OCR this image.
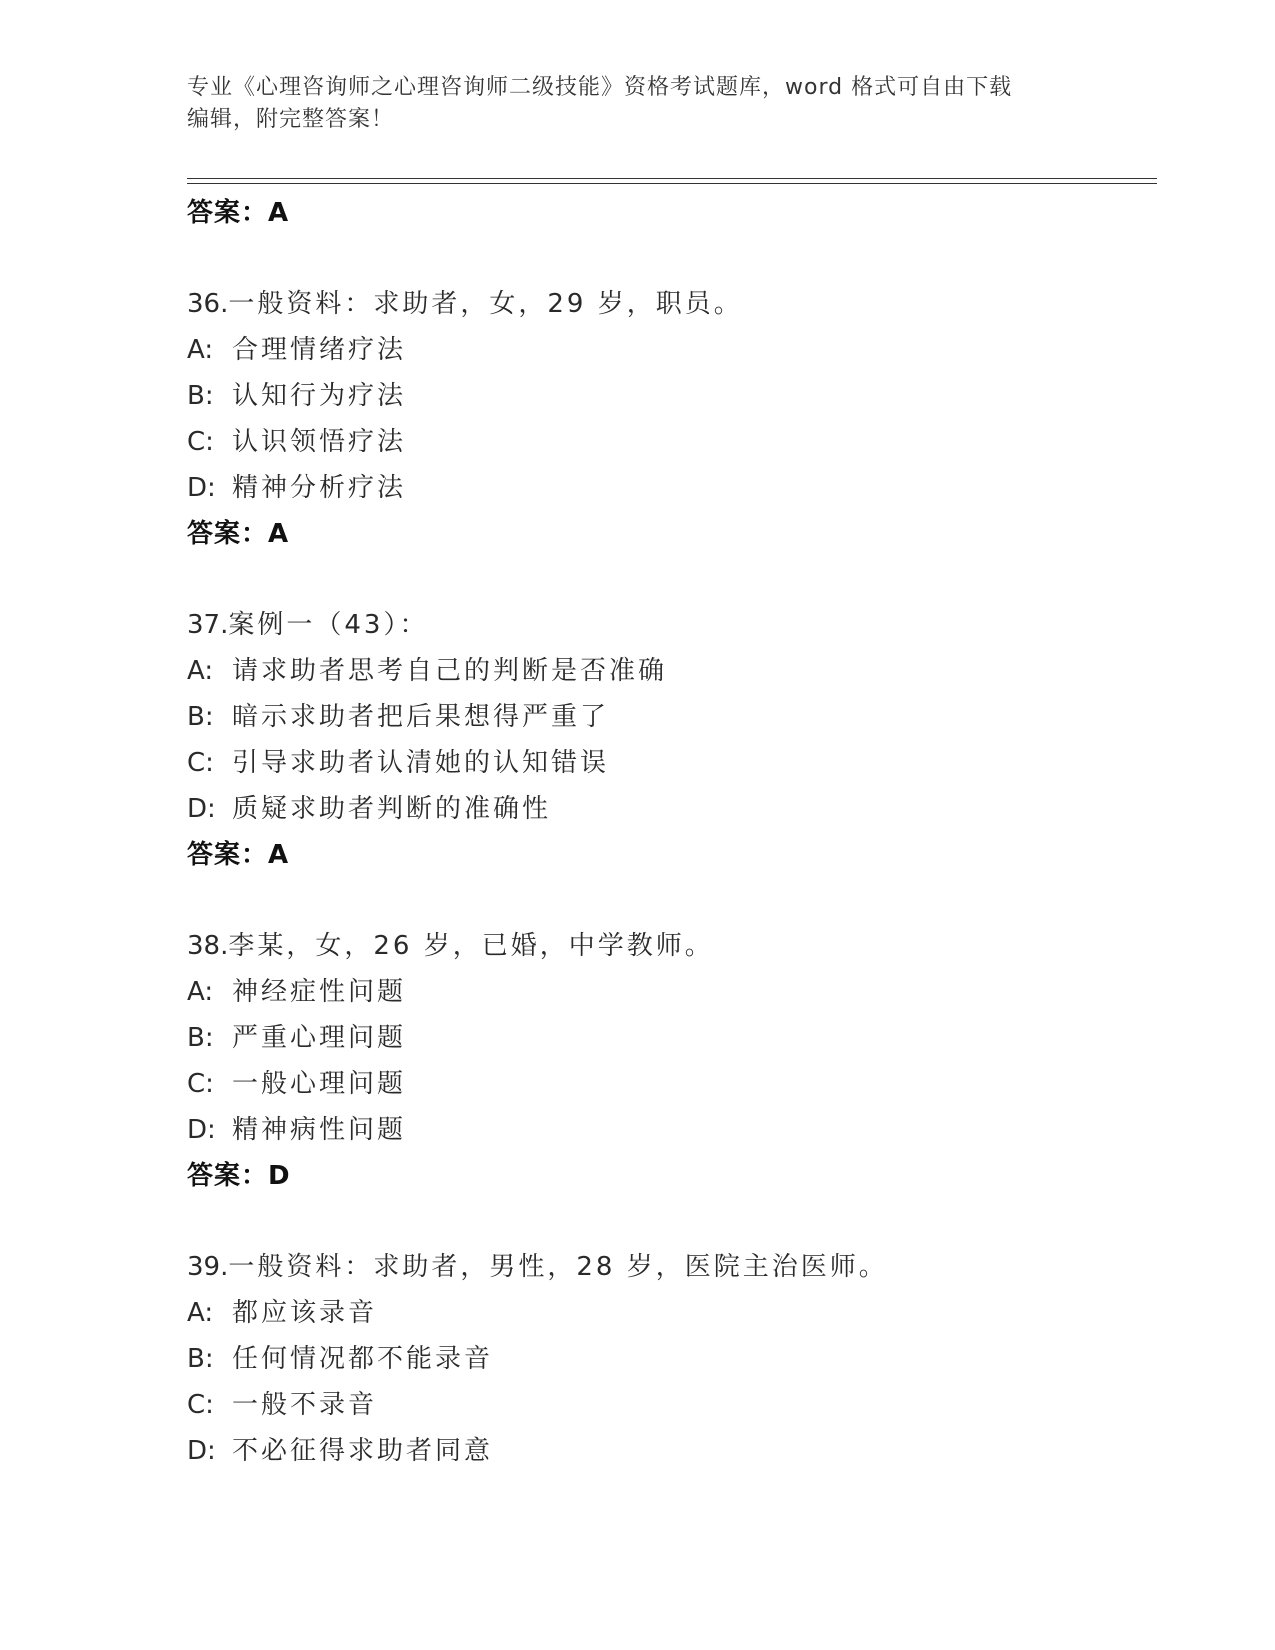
专业《心理咨询师之心理咨询师二级技能》资格考试题库，word 格式可自由下载
编辑，附完整答案！
答案：A
36.一般资料：求助者，女，29 岁，职员。
A: 合理情绪疗法
B: 认知行为疗法
C: 认识领悟疗法
D: 精神分析疗法
答案：A
37.案例一（43）：
A: 请求助者思考自己的判断是否准确
B: 暗示求助者把后果想得严重了
C: 引导求助者认清她的认知错误
D: 质疑求助者判断的准确性
答案：A
38.李某，女，26 岁，已婚，中学教师。
A: 神经症性问题
B: 严重心理问题
C: 一般心理问题
D: 精神病性问题
答案：D
39.一般资料：求助者，男性，28 岁，医院主治医师。
A: 都应该录音
B: 任何情况都不能录音
C: 一般不录音
D: 不必征得求助者同意
